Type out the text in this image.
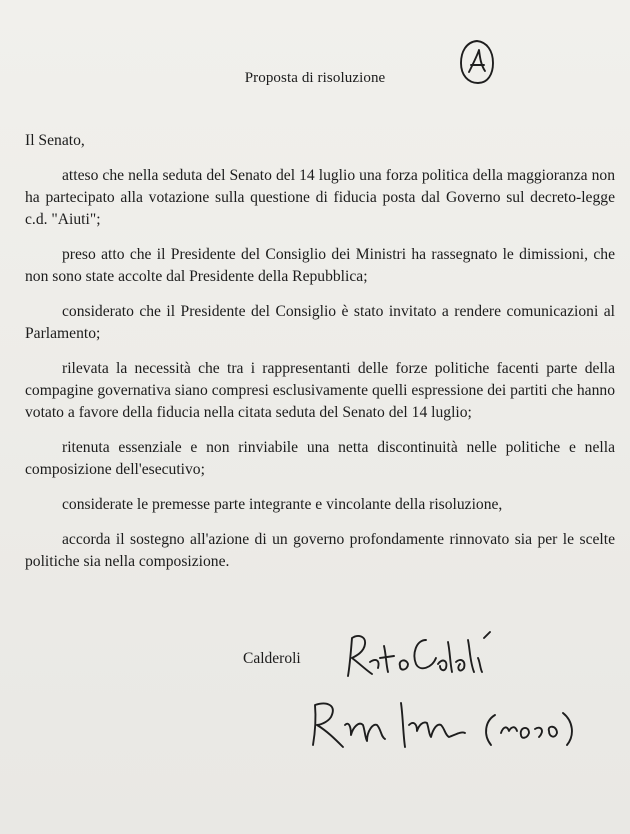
Proposta di risoluzione

Il Senato,

atteso che nella seduta del Senato del 14 luglio una forza politica della maggioranza non ha partecipato alla votazione sulla questione di fiducia posta dal Governo sul decreto-legge c.d. "Aiuti";

preso atto che il Presidente del Consiglio dei Ministri ha rassegnato le dimissioni, che non sono state accolte dal Presidente della Repubblica;

considerato che il Presidente del Consiglio è stato invitato a rendere comunicazioni al Parlamento;

rilevata la necessità che tra i rappresentanti delle forze politiche facenti parte della compagine governativa siano compresi esclusivamente quelli espressione dei partiti che hanno votato a favore della fiducia nella citata seduta del Senato del 14 luglio;

ritenuta essenziale e non rinviabile una netta discontinuità nelle politiche e nella composizione dell'esecutivo;

considerate le premesse parte integrante e vincolante della risoluzione,

accorda il sostegno all'azione di un governo profondamente rinnovato sia per le scelte politiche sia nella composizione.

Calderoli
